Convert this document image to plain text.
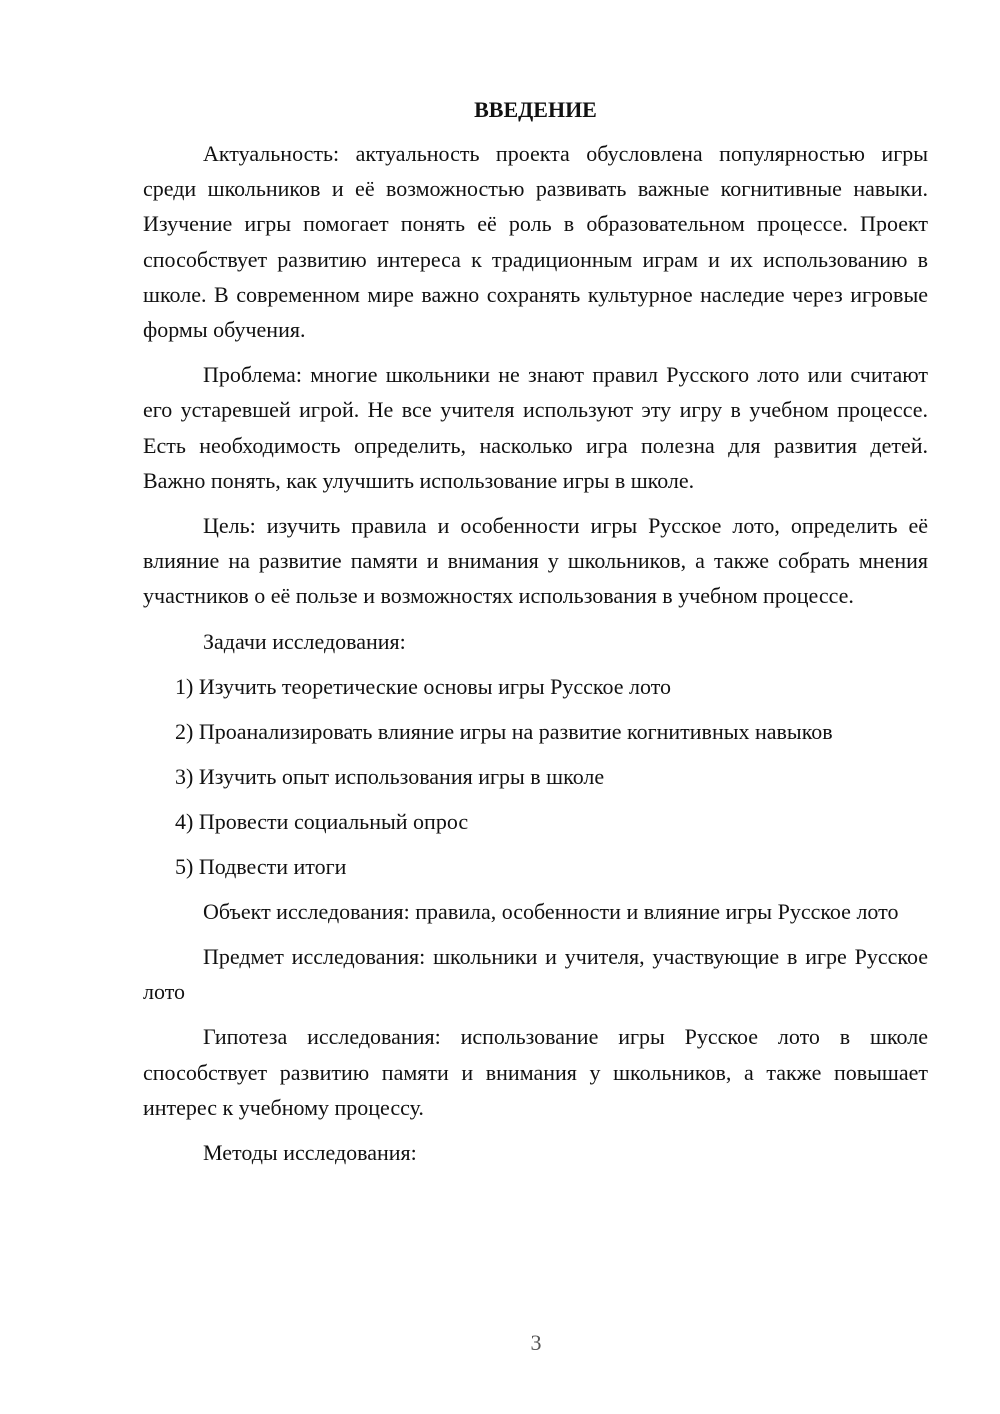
ВВЕДЕНИЕ

Актуальность: актуальность проекта обусловлена популярностью игры среди школьников и её возможностью развивать важные когнитивные навыки. Изучение игры помогает понять её роль в образовательном процессе. Проект способствует развитию интереса к традиционным играм и их использованию в школе. В современном мире важно сохранять культурное наследие через игровые формы обучения.

Проблема: многие школьники не знают правил Русского лото или считают его устаревшей игрой. Не все учителя используют эту игру в учебном процессе. Есть необходимость определить, насколько игра полезна для развития детей. Важно понять, как улучшить использование игры в школе.

Цель: изучить правила и особенности игры Русское лото, определить её влияние на развитие памяти и внимания у школьников, а также собрать мнения участников о её пользе и возможностях использования в учебном процессе.

Задачи исследования:

1) Изучить теоретические основы игры Русское лото
2) Проанализировать влияние игры на развитие когнитивных навыков
3) Изучить опыт использования игры в школе
4) Провести социальный опрос
5) Подвести итоги

Объект исследования: правила, особенности и влияние игры Русское лото

Предмет исследования: школьники и учителя, участвующие в игре Русское лото

Гипотеза исследования: использование игры Русское лото в школе способствует развитию памяти и внимания у школьников, а также повышает интерес к учебному процессу.

Методы исследования:

3
